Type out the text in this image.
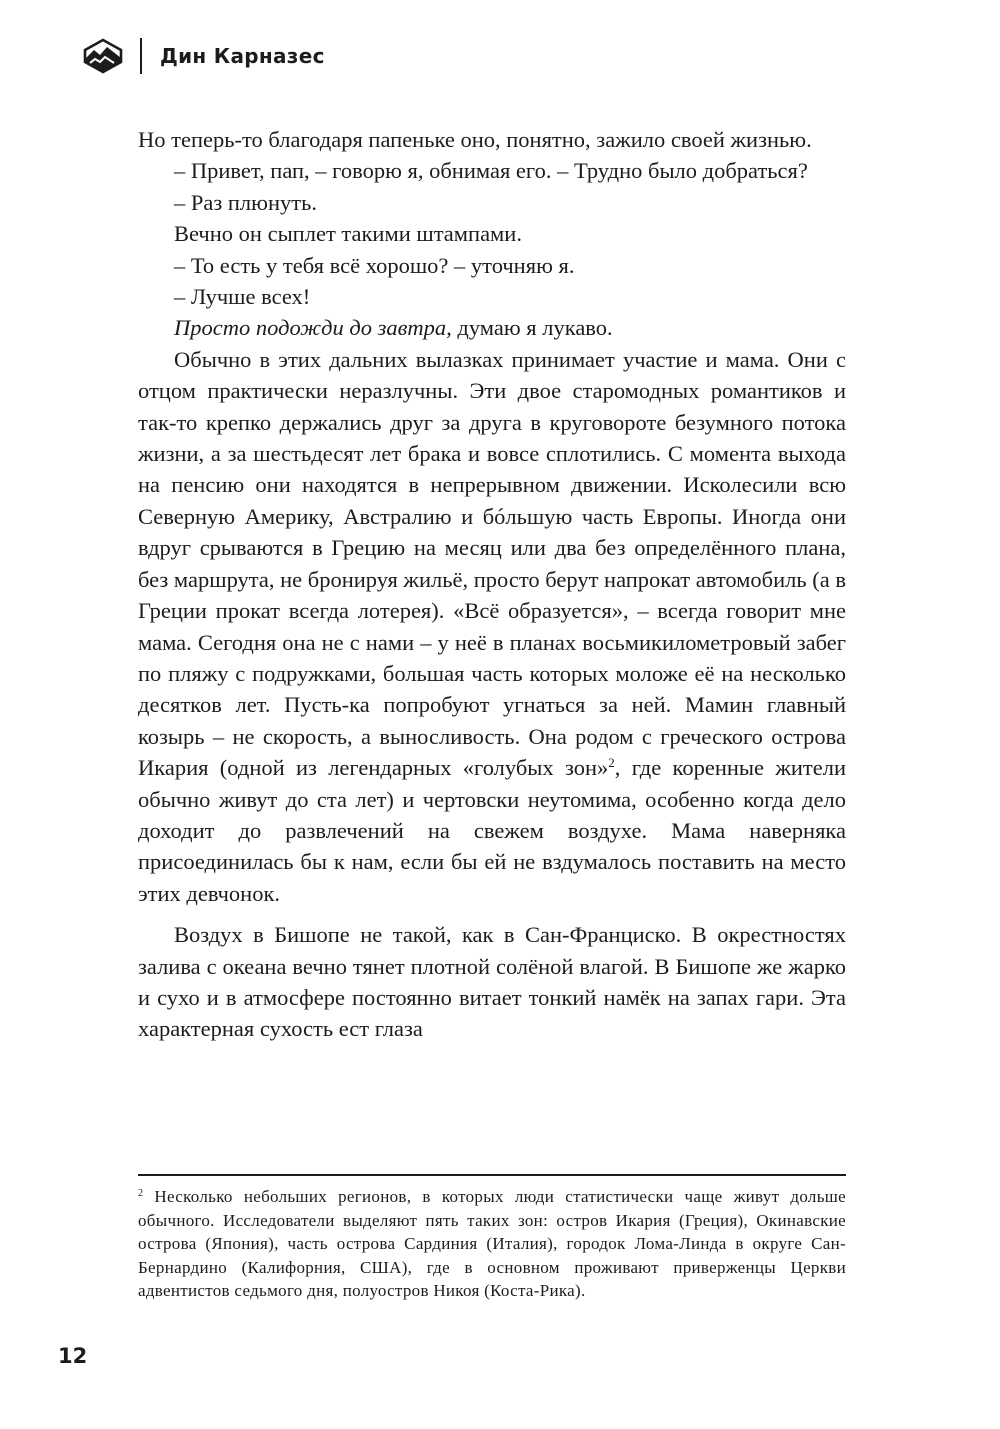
Дин Карназес

Но теперь-то благодаря папеньке оно, понятно, зажило своей жизнью.

– Привет, пап, – говорю я, обнимая его. – Трудно было добраться?

– Раз плюнуть.

Вечно он сыплет такими штампами.

– То есть у тебя всё хорошо? – уточняю я.

– Лучше всех!

Просто подожди до завтра, думаю я лукаво.

Обычно в этих дальних вылазках принимает участие и мама. Они с отцом практически неразлучны. Эти двое старомодных романтиков и так-то крепко держались друг за друга в круговороте безумного потока жизни, а за шестьдесят лет брака и вовсе сплотились. С момента выхода на пенсию они находятся в непрерывном движении. Исколесили всю Северную Америку, Австралию и бóльшую часть Европы. Иногда они вдруг срываются в Грецию на месяц или два без определённого плана, без маршрута, не бронируя жильё, просто берут напрокат автомобиль (а в Греции прокат всегда лотерея). «Всё образуется», – всегда говорит мне мама. Сегодня она не с нами – у неё в планах восьмикилометровый забег по пляжу с подружками, большая часть которых моложе её на несколько десятков лет. Пусть-ка попробуют угнаться за ней. Мамин главный козырь – не скорость, а выносливость. Она родом с греческого острова Икария (одной из легендарных «голубых зон»$^2$, где коренные жители обычно живут до ста лет) и чертовски неутомима, особенно когда дело доходит до развлечений на свежем воздухе. Мама наверняка присоединилась бы к нам, если бы ей не вздумалось поставить на место этих девчонок.

Воздух в Бишопе не такой, как в Сан-Франциско. В окрестностях залива с океана вечно тянет плотной солёной влагой. В Бишопе же жарко и сухо и в атмосфере постоянно витает тонкий намёк на запах гари. Эта характерная сухость ест глаза

$^2$ Несколько небольших регионов, в которых люди статистически чаще живут дольше обычного. Исследователи выделяют пять таких зон: остров Икария (Греция), Окинавские острова (Япония), часть острова Сардиния (Италия), городок Лома-Линда в округе Сан-Бернардино (Калифорния, США), где в основном проживают приверженцы Церкви адвентистов седьмого дня, полуостров Никоя (Коста-Рика).
12
